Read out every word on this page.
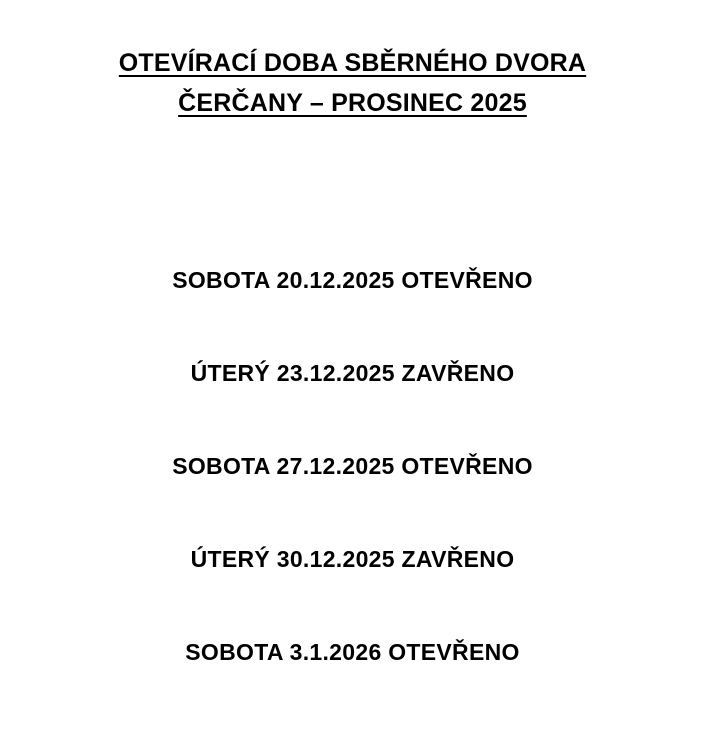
OTEVÍRACÍ DOBA SBĚRNÉHO DVORA
ČERČANY – PROSINEC 2025
SOBOTA 20.12.2025 OTEVŘENO
ÚTERÝ 23.12.2025 ZAVŘENO
SOBOTA 27.12.2025 OTEVŘENO
ÚTERÝ 30.12.2025 ZAVŘENO
SOBOTA 3.1.2026 OTEVŘENO
